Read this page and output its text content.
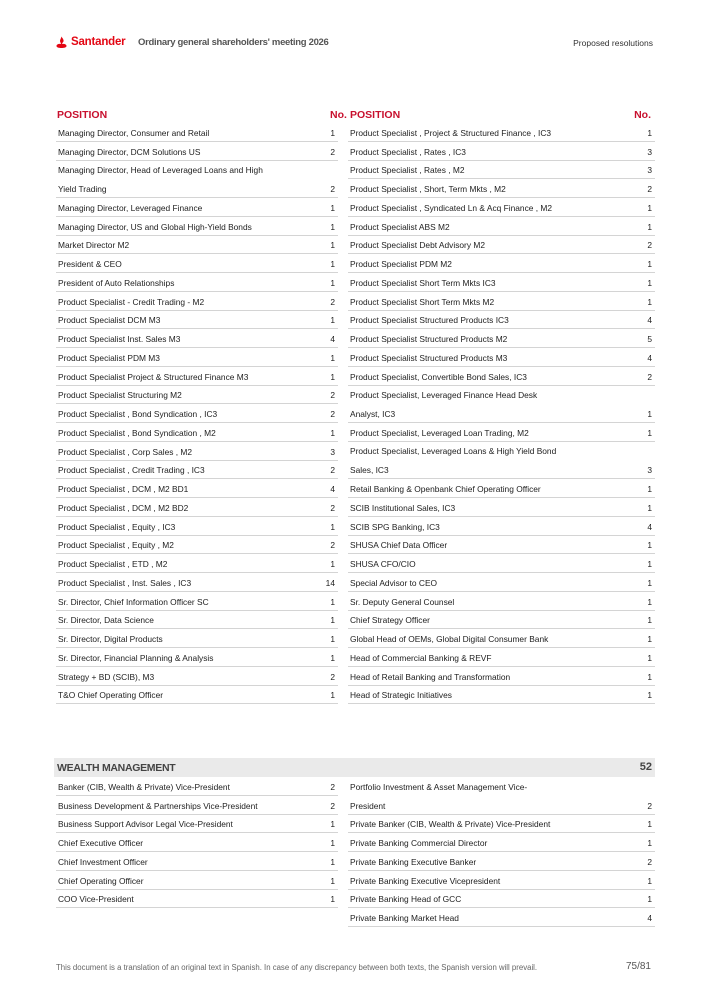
Santander Ordinary general shareholders' meeting 2026	Proposed resolutions
POSITION	No. POSITION	No.
Managing Director, Consumer and Retail	1
Managing Director, DCM Solutions US	2
Managing Director, Head of Leveraged Loans and High
Yield Trading	2
Managing Director, Leveraged Finance	1
Managing Director, US and Global High-Yield Bonds	1
Market Director M2	1
President & CEO	1
President of Auto Relationships	1
Product Specialist - Credit Trading - M2	2
Product Specialist DCM M3	1
Product Specialist Inst. Sales M3	4
Product Specialist PDM M3	1
Product Specialist Project & Structured Finance M3	1
Product Specialist Structuring M2	2
Product Specialist , Bond Syndication , IC3	2
Product Specialist , Bond Syndication , M2	1
Product Specialist , Corp Sales , M2	3
Product Specialist , Credit Trading , IC3	2
Product Specialist , DCM , M2 BD1	4
Product Specialist , DCM , M2 BD2	2
Product Specialist , Equity , IC3	1
Product Specialist , Equity , M2	2
Product Specialist , ETD , M2	1
Product Specialist , Inst. Sales , IC3	14
Sr. Director, Chief Information Officer SC	1
Sr. Director, Data Science	1
Sr. Director, Digital Products	1
Sr. Director, Financial Planning & Analysis	1
Strategy + BD (SCIB), M3	2
T&O Chief Operating Officer	1
Product Specialist , Project & Structured Finance , IC3	1
Product Specialist , Rates , IC3	3
Product Specialist , Rates , M2	3
Product Specialist , Short, Term Mkts , M2	2
Product Specialist , Syndicated Ln & Acq Finance , M2	1
Product Specialist ABS M2	1
Product Specialist Debt Advisory M2	2
Product Specialist PDM M2	1
Product Specialist Short Term Mkts IC3	1
Product Specialist Short Term Mkts M2	1
Product Specialist Structured Products IC3	4
Product Specialist Structured Products M2	5
Product Specialist Structured Products M3	4
Product Specialist, Convertible Bond Sales, IC3	2
Product Specialist, Leveraged Finance Head Desk
Analyst, IC3	1
Product Specialist, Leveraged Loan Trading, M2	1
Product Specialist, Leveraged Loans & High Yield Bond
Sales, IC3	3
Retail Banking & Openbank Chief Operating Officer	1
SCIB Institutional Sales, IC3	1
SCIB SPG Banking, IC3	4
SHUSA Chief Data Officer	1
SHUSA CFO/CIO	1
Special Advisor to CEO	1
Sr. Deputy General Counsel	1
Chief Strategy Officer	1
Global Head of OEMs, Global Digital Consumer Bank	1
Head of Commercial Banking & REVF	1
Head of Retail Banking and Transformation	1
Head of Strategic Initiatives	1
WEALTH MANAGEMENT	52
Banker (CIB, Wealth & Private) Vice-President	2
Business Development & Partnerships Vice-President	2
Business Support Advisor Legal Vice-President	1
Chief Executive Officer	1
Chief Investment Officer	1
Chief Operating Officer	1
COO Vice-President	1
Portfolio Investment & Asset Management Vice-
President	2
Private Banker (CIB, Wealth & Private) Vice-President	1
Private Banking Commercial Director	1
Private Banking Executive Banker	2
Private Banking Executive Vicepresident	1
Private Banking Head of GCC	1
Private Banking Market Head	4
This document is a translation of an original text in Spanish. In case of any discrepancy between both texts, the Spanish version will prevail.	75/81
